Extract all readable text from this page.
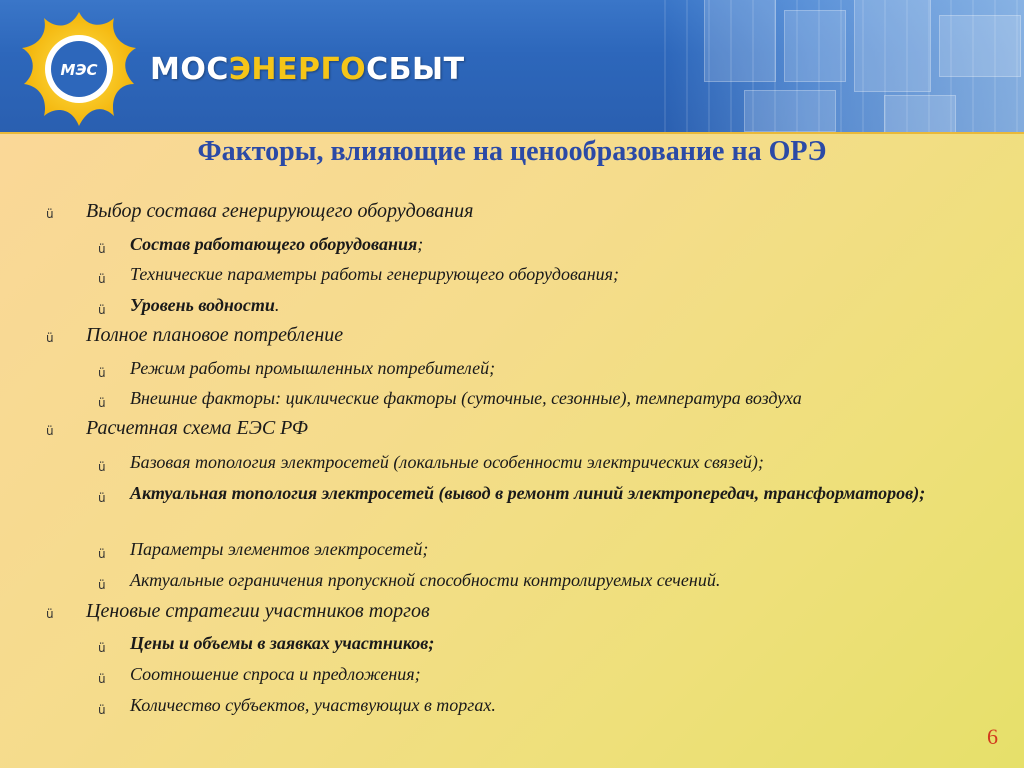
МЭС МОСЭНЕРГОСБЫТ
Факторы, влияющие на ценообразование на ОРЭ
ü Выбор состава генерирующего оборудования
ü Состав работающего оборудования;
ü Технические параметры работы генерирующего оборудования;
ü Уровень водности.
ü Полное плановое потребление
ü Режим работы промышленных потребителей;
ü Внешние факторы: циклические факторы (суточные, сезонные), температура воздуха
ü Расчетная схема ЕЭС РФ
ü Базовая топология электросетей (локальные особенности электрических связей);
ü Актуальная топология электросетей (вывод в ремонт линий электропередач, трансформаторов);
ü Параметры элементов электросетей;
ü Актуальные ограничения пропускной способности контролируемых сечений.
ü Ценовые стратегии участников торгов
ü Цены и объемы в заявках участников;
ü Соотношение спроса и предложения;
ü Количество субъектов, участвующих в торгах.
6
